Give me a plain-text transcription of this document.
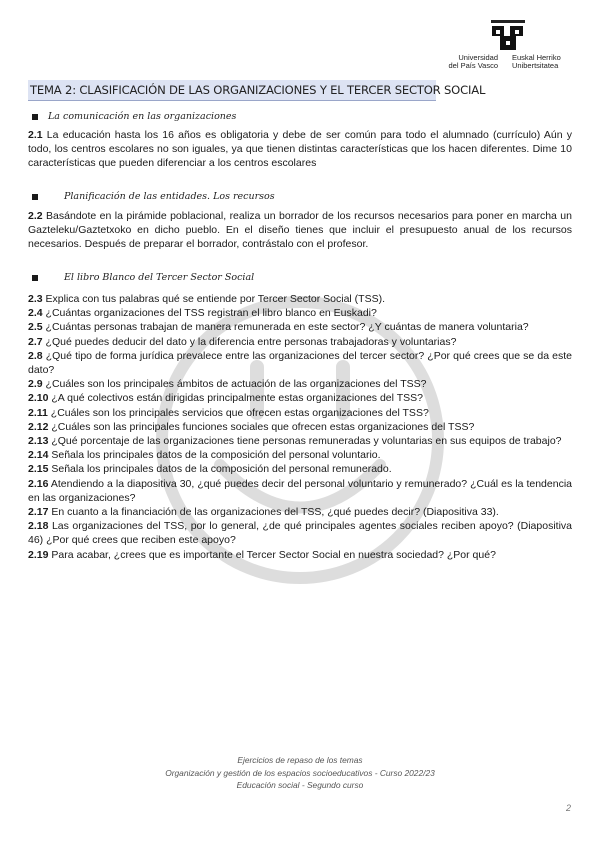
Universidad
del País Vasco
Euskal Herriko
Unibertsitatea
TEMA 2: CLASIFICACIÓN DE LAS ORGANIZACIONES Y EL TERCER SECTOR SOCIAL
La comunicación en las organizaciones
2.1 La educación hasta los 16 años es obligatoria y debe de ser común para todo el alumnado (currículo) Aún y todo, los centros escolares no son iguales, ya que tienen distintas características que los hacen diferentes. Dime 10 características que pueden diferenciar a los centros escolares
Planificación de las entidades. Los recursos
2.2 Basándote en la pirámide poblacional, realiza un borrador de los recursos necesarios para poner en marcha un Gazteleku/Gaztetxoko en dicho pueblo. En el diseño tienes que incluir el presupuesto anual de los recursos necesarios. Después de preparar el borrador, contrástalo con el profesor.
El libro Blanco del Tercer Sector Social
2.3 Explica con tus palabras qué se entiende por Tercer Sector Social (TSS).
2.4 ¿Cuántas organizaciones del TSS registran el libro blanco en Euskadi?
2.5 ¿Cuántas personas trabajan de manera remunerada en este sector? ¿Y cuántas de manera voluntaria?
2.7 ¿Qué puedes deducir del dato y la diferencia entre personas trabajadoras y voluntarias?
2.8 ¿Qué tipo de forma jurídica prevalece entre las organizaciones del tercer sector? ¿Por qué crees que se da este dato?
2.9 ¿Cuáles son los principales ámbitos de actuación de las organizaciones del TSS?
2.10 ¿A qué colectivos están dirigidas principalmente estas organizaciones del TSS?
2.11 ¿Cuáles son los principales servicios que ofrecen estas organizaciones del TSS?
2.12 ¿Cuáles son las principales funciones sociales que ofrecen estas organizaciones del TSS?
2.13 ¿Qué porcentaje de las organizaciones tiene personas remuneradas y voluntarias en sus equipos de trabajo?
2.14 Señala los principales datos de la composición del personal voluntario.
2.15 Señala los principales datos de la composición del personal remunerado.
2.16 Atendiendo a la diapositiva 30, ¿qué puedes decir del personal voluntario y remunerado? ¿Cuál es la tendencia en las organizaciones?
2.17 En cuanto a la financiación de las organizaciones del TSS, ¿qué puedes decir? (Diapositiva 33).
2.18 Las organizaciones del TSS, por lo general, ¿de qué principales agentes sociales reciben apoyo? (Diapositiva 46) ¿Por qué crees que reciben este apoyo?
2.19 Para acabar, ¿crees que es importante el Tercer Sector Social en nuestra sociedad? ¿Por qué?
Ejercicios de repaso de los temas
Organización y gestión de los espacios socioeducativos - Curso 2022/23
Educación social - Segundo curso
2
